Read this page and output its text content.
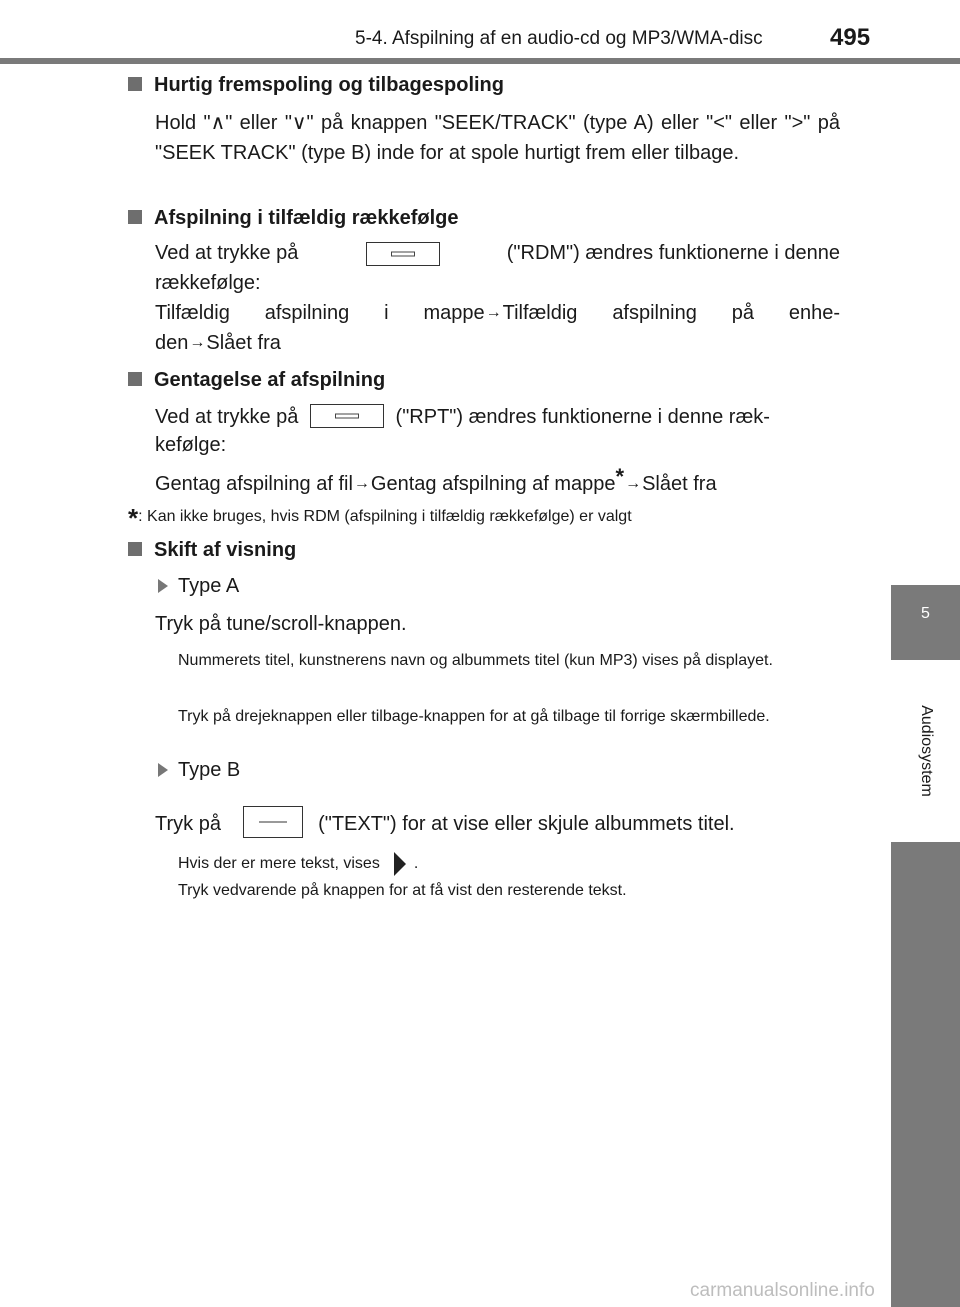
5-4. Afspilning af en audio-cd og MP3/WMA-disc	495
5
Audiosystem
Hurtig fremspoling og tilbagespoling
Hold "∧" eller "∨" på knappen "SEEK/TRACK" (type A) eller "<" eller ">" på "SEEK TRACK" (type B) inde for at spole hurtigt frem eller tilbage.
Afspilning i tilfældig rækkefølge
Ved at trykke på	("RDM") ændres funktionerne i denne
rækkefølge:
Tilfældig afspilning i mappe→Tilfældig afspilning på enhe-
den→Slået fra
Gentagelse af afspilning
Ved at trykke på	("RPT") ændres funktionerne i denne ræk-
kefølge:
Gentag afspilning af fil→Gentag afspilning af mappe*→Slået fra
*: Kan ikke bruges, hvis RDM (afspilning i tilfældig rækkefølge) er valgt
Skift af visning
Type A
Tryk på tune/scroll-knappen.
Nummerets titel, kunstnerens navn og albummets titel (kun MP3) vises på displayet.
Tryk på drejeknappen eller tilbage-knappen for at gå tilbage til forrige skærmbillede.
Type B
Tryk på	("TEXT") for at vise eller skjule albummets titel.
Hvis der er mere tekst, vises .
Tryk vedvarende på knappen for at få vist den resterende tekst.
carmanualsonline.info
